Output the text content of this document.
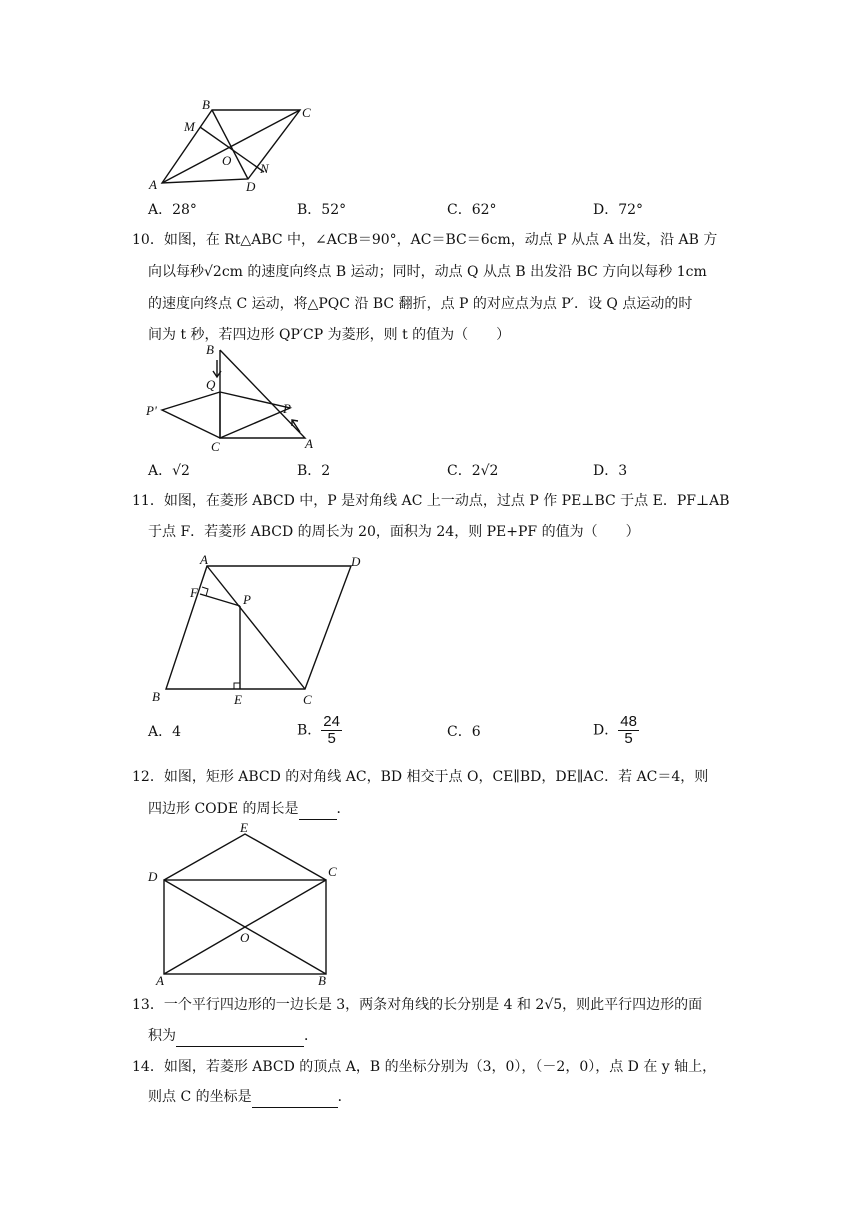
B
C
M
O
N
A	D
A．28°	B．52°	C．62°	D．72°
10．如图，在 Rt△ABC 中，∠ACB＝90°，AC＝BC＝6cm，动点 P 从点 A 出发，沿 AB 方
向以每秒√2cm 的速度向终点 B 运动；同时，动点 Q 从点 B 出发沿 BC 方向以每秒 1cm
的速度向终点 C 运动，将△PQC 沿 BC 翻折，点 P 的对应点为点 P′．设 Q 点运动的时
间为 t 秒，若四边形 QP′CP 为菱形，则 t 的值为（　　）
B
Q
P
P'
C	A
A．√2	B．2	C．2√2	D．3
11．如图，在菱形 ABCD 中，P 是对角线 AC 上一动点，过点 P 作 PE⊥BC 于点 E．PF⊥AB
于点 F．若菱形 ABCD 的周长为 20，面积为 24，则 PE+PF 的值为（　　）
A	D
F	P
B	E	C
A．4	B． $\frac{24}{5}$	C．6	D． $\frac{48}{5}$
12．如图，矩形 ABCD 的对角线 AC，BD 相交于点 O，CE∥BD，DE∥AC．若 AC＝4，则
四边形 CODE 的周长是	．
E
D	C
O
A	B
13．一个平行四边形的一边长是 3，两条对角线的长分别是 4 和 2√5，则此平行四边形的面
积为	．
14．如图，若菱形 ABCD 的顶点 A，B 的坐标分别为（3，0），（－2，0），点 D 在 y 轴上，
则点 C 的坐标是	．
